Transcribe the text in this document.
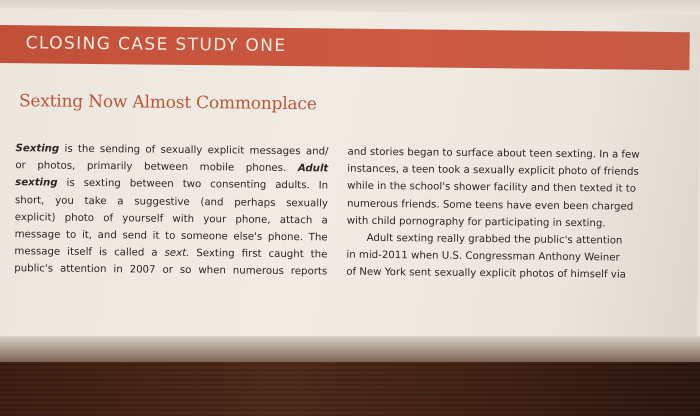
CLOSING CASE STUDY ONE
Sexting Now Almost Commonplace
Sexting is the sending of sexually explicit messages and/
or photos, primarily between mobile phones. Adult
sexting is sexting between two consenting adults. In
short, you take a suggestive (and perhaps sexually
explicit) photo of yourself with your phone, attach a
message to it, and send it to someone else's phone. The
message itself is called a sext. Sexting first caught the
public's attention in 2007 or so when numerous reports
and stories began to surface about teen sexting. In a few
instances, a teen took a sexually explicit photo of friends
while in the school's shower facility and then texted it to
numerous friends. Some teens have even been charged
with child pornography for participating in sexting.
Adult sexting really grabbed the public's attention
in mid-2011 when U.S. Congressman Anthony Weiner
of New York sent sexually explicit photos of himself via
